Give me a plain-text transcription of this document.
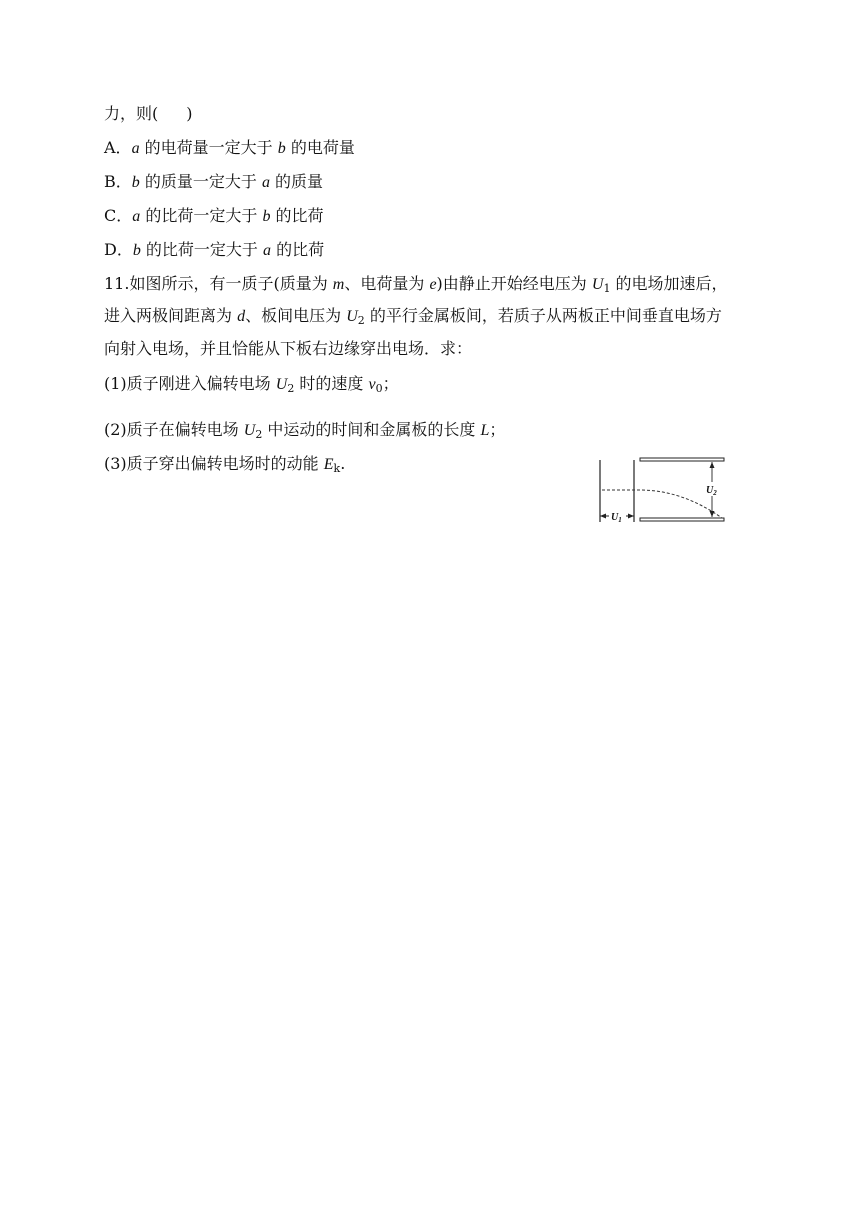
力，则( )
A．a 的电荷量一定大于 b 的电荷量
B．b 的质量一定大于 a 的质量
C．a 的比荷一定大于 b 的比荷
D．b 的比荷一定大于 a 的比荷
11.如图所示，有一质子(质量为 m、电荷量为 e)由静止开始经电压为 $U_1$ 的电场加速后，
进入两极间距离为 d、板间电压为 $U_2$ 的平行金属板间，若质子从两板正中间垂直电场方
向射入电场，并且恰能从下板右边缘穿出电场．求：
(1)质子刚进入偏转电场 $U_2$ 时的速度 $v_0$；
(2)质子在偏转电场 $U_2$ 中运动的时间和金属板的长度 L；
(3)质子穿出偏转电场时的动能 $E_k$.
$U_2$
$U_1$
